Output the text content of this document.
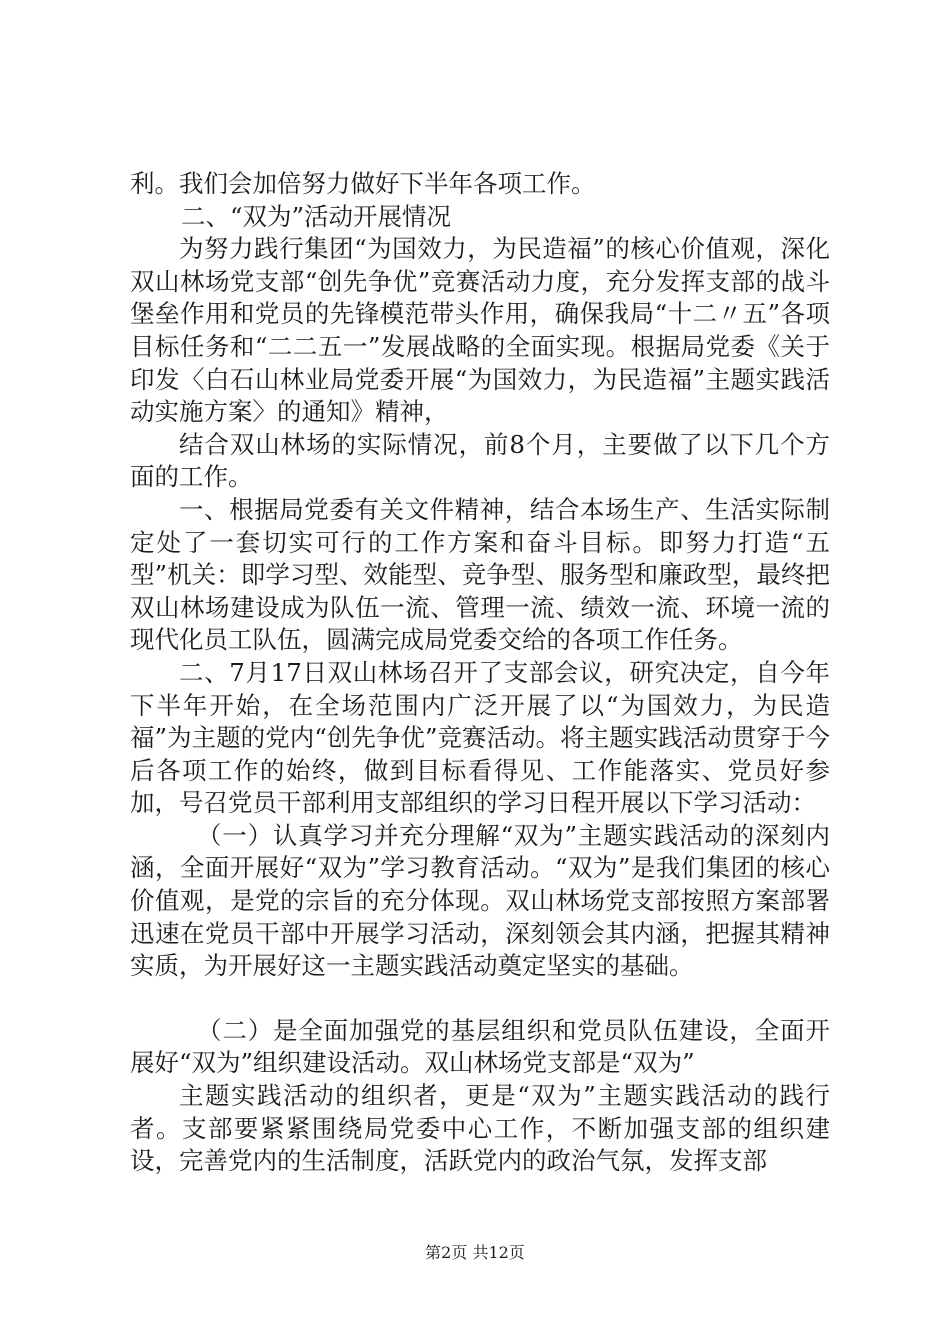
利。我们会加倍努力做好下半年各项工作。

二、“双为”活动开展情况

为努力践行集团“为国效力，为民造福”的核心价值观，深化双山林场党支部“创先争优”竞赛活动力度，充分发挥支部的战斗堡垒作用和党员的先锋模范带头作用，确保我局“十二〃五”各项目标任务和“二二五一”发展战略的全面实现。根据局党委《关于印发〈白石山林业局党委开展“为国效力，为民造福”主题实践活动实施方案〉的通知》精神，

结合双山林场的实际情况，前8个月，主要做了以下几个方面的工作。

一、根据局党委有关文件精神，结合本场生产、生活实际制定处了一套切实可行的工作方案和奋斗目标。即努力打造“五型”机关：即学习型、效能型、竞争型、服务型和廉政型，最终把双山林场建设成为队伍一流、管理一流、绩效一流、环境一流的现代化员工队伍，圆满完成局党委交给的各项工作任务。

二、7月17日双山林场召开了支部会议，研究决定，自今年下半年开始，在全场范围内广泛开展了以“为国效力，为民造福”为主题的党内“创先争优”竞赛活动。将主题实践活动贯穿于今后各项工作的始终，做到目标看得见、工作能落实、党员好参加，号召党员干部利用支部组织的学习日程开展以下学习活动：

（一）认真学习并充分理解“双为”主题实践活动的深刻内涵，全面开展好“双为”学习教育活动。“双为”是我们集团的核心价值观，是党的宗旨的充分体现。双山林场党支部按照方案部署迅速在党员干部中开展学习活动，深刻领会其内涵，把握其精神实质，为开展好这一主题实践活动奠定坚实的基础。

（二）是全面加强党的基层组织和党员队伍建设，全面开展好“双为”组织建设活动。双山林场党支部是“双为”

主题实践活动的组织者，更是“双为”主题实践活动的践行者。支部要紧紧围绕局党委中心工作，不断加强支部的组织建设，完善党内的生活制度，活跃党内的政治气氛，发挥支部

第2页 共12页
